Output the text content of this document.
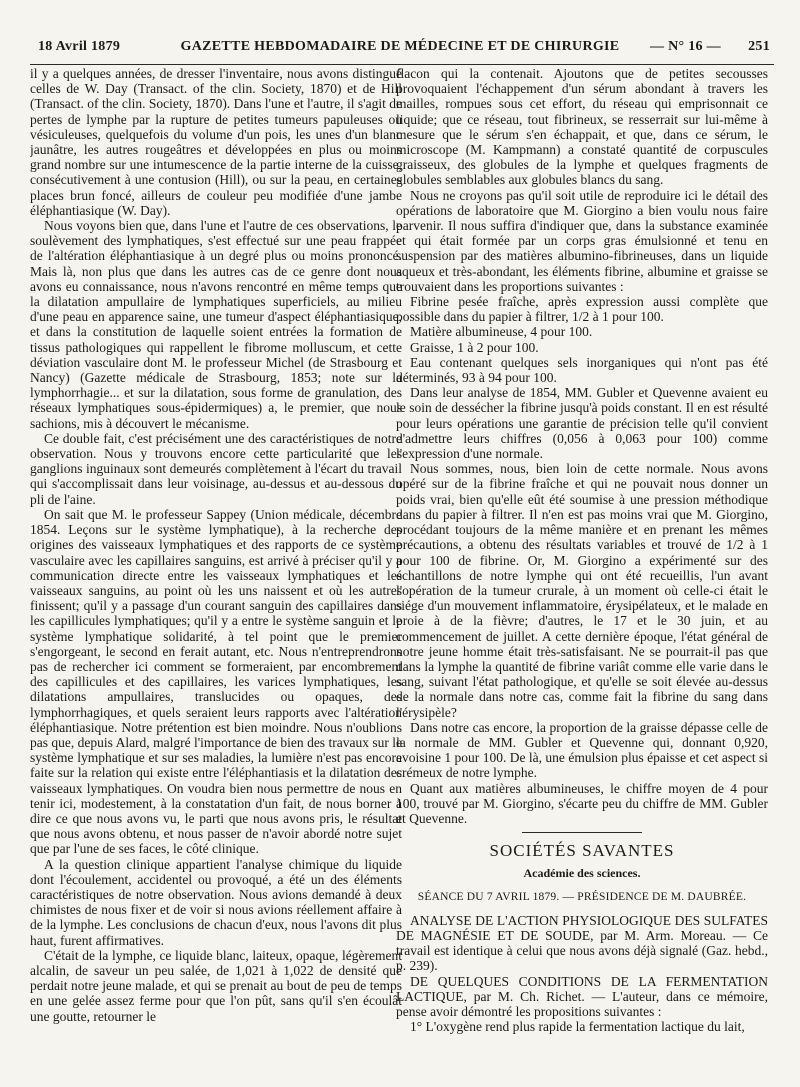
18 Avril 1879	GAZETTE HEBDOMADAIRE DE MÉDECINE ET DE CHIRURGIE	— N° 16 — 251

il y a quelques années, de dresser l'inventaire, nous avons distingué celles de W. Day (Transact. of the clin. Society, 1870) et de Hill (Transact. of the clin. Society, 1870). Dans l'une et l'autre, il s'agit de pertes de lymphe par la rupture de petites tumeurs papuleuses ou vésiculeuses, quelquefois du volume d'un pois, les unes d'un blanc jaunâtre, les autres rougeâtres et développées en plus ou moins grand nombre sur une intumescence de la partie interne de la cuisse, consécutivement à une contusion (Hill), ou sur la peau, en certaines places brun foncé, ailleurs de couleur peu modifiée d'une jambe éléphantiasique (W. Day).

Nous voyons bien que, dans l'une et l'autre de ces observations, le soulèvement des lymphatiques, s'est effectué sur une peau frappée de l'altération éléphantiasique à un degré plus ou moins prononcé. Mais là, non plus que dans les autres cas de ce genre dont nous avons eu connaissance, nous n'avons rencontré en même temps que la dilatation ampullaire de lymphatiques superficiels, au milieu d'une peau en apparence saine, une tumeur d'aspect éléphantiasique, et dans la constitution de laquelle soient entrées la formation de tissus pathologiques qui rappellent le fibrome molluscum, et cette déviation vasculaire dont M. le professeur Michel (de Strasbourg et Nancy) (Gazette médicale de Strasbourg, 1853; note sur la lymphorrhagie... et sur la dilatation, sous forme de granulation, des réseaux lymphatiques sous-épidermiques) a, le premier, que nous sachions, mis à découvert le mécanisme.

Ce double fait, c'est précisément une des caractéristiques de notre observation. Nous y trouvons encore cette particularité que les ganglions inguinaux sont demeurés complètement à l'écart du travail qui s'accomplissait dans leur voisinage, au-dessus et au-dessous du pli de l'aine.

On sait que M. le professeur Sappey (Union médicale, décembre 1854. Leçons sur le système lymphatique), à la recherche des origines des vaisseaux lymphatiques et des rapports de ce système vasculaire avec les capillaires sanguins, est arrivé à préciser qu'il y a communication directe entre les vaisseaux lymphatiques et les vaisseaux sanguins, au point où les uns naissent et où les autres finissent; qu'il y a passage d'un courant sanguin des capillaires dans les capillicules lymphatiques; qu'il y a entre le système sanguin et le système lymphatique solidarité, à tel point que le premier s'engorgeant, le second en ferait autant, etc. Nous n'entreprendrons pas de rechercher ici comment se formeraient, par encombrement des capillicules et des capillaires, les varices lymphatiques, les dilatations ampullaires, translucides ou opaques, des lymphorrhagiques, et quels seraient leurs rapports avec l'altération éléphantiasique. Notre prétention est bien moindre. Nous n'oublions pas que, depuis Alard, malgré l'importance de bien des travaux sur le système lymphatique et sur ses maladies, la lumière n'est pas encore faite sur la relation qui existe entre l'éléphantiasis et la dilatation des vaisseaux lymphatiques. On voudra bien nous permettre de nous en tenir ici, modestement, à la constatation d'un fait, de nous borner à dire ce que nous avons vu, le parti que nous avons pris, le résultat que nous avons obtenu, et nous passer de n'avoir abordé notre sujet que par l'une de ses faces, le côté clinique.

A la question clinique appartient l'analyse chimique du liquide dont l'écoulement, accidentel ou provoqué, a été un des éléments caractéristiques de notre observation. Nous avions demandé à deux chimistes de nous fixer et de voir si nous avions réellement affaire à de la lymphe. Les conclusions de chacun d'eux, nous l'avons dit plus haut, furent affirmatives.

C'était de la lymphe, ce liquide blanc, laiteux, opaque, légèrement alcalin, de saveur un peu salée, de 1,021 à 1,022 de densité que perdait notre jeune malade, et qui se prenait au bout de peu de temps en une gelée assez ferme pour que l'on pût, sans qu'il s'en écoulât une goutte, retourner le

flacon qui la contenait. Ajoutons que de petites secousses provoquaient l'échappement d'un sérum abondant à travers les mailles, rompues sous cet effort, du réseau qui emprisonnait ce liquide; que ce réseau, tout fibrineux, se resserrait sur lui-même à mesure que le sérum s'en échappait, et que, dans ce sérum, le microscope (M. Kampmann) a constaté quantité de corpuscules graisseux, des globules de la lymphe et quelques fragments de globules semblables aux globules blancs du sang.

Nous ne croyons pas qu'il soit utile de reproduire ici le détail des opérations de laboratoire que M. Giorgino a bien voulu nous faire parvenir. Il nous suffira d'indiquer que, dans la substance examinée et qui était formée par un corps gras émulsionné et tenu en suspension par des matières albumino-fibrineuses, dans un liquide aqueux et très-abondant, les éléments fibrine, albumine et graisse se trouvaient dans les proportions suivantes :

Fibrine pesée fraîche, après expression aussi complète que possible dans du papier à filtrer, 1/2 à 1 pour 100.

Matière albumineuse, 4 pour 100.

Graisse, 1 à 2 pour 100.

Eau contenant quelques sels inorganiques qui n'ont pas été déterminés, 93 à 94 pour 100.

Dans leur analyse de 1854, MM. Gubler et Quevenne avaient eu le soin de dessécher la fibrine jusqu'à poids constant. Il en est résulté pour leurs opérations une garantie de précision telle qu'il convient d'admettre leurs chiffres (0,056 à 0,063 pour 100) comme l'expression d'une normale.

Nous sommes, nous, bien loin de cette normale. Nous avons opéré sur de la fibrine fraîche et qui ne pouvait nous donner un poids vrai, bien qu'elle eût été soumise à une pression méthodique dans du papier à filtrer. Il n'en est pas moins vrai que M. Giorgino, procédant toujours de la même manière et en prenant les mêmes précautions, a obtenu des résultats variables et trouvé de 1/2 à 1 pour 100 de fibrine. Or, M. Giorgino a expérimenté sur des échantillons de notre lymphe qui ont été recueillis, l'un avant l'opération de la tumeur crurale, à un moment où celle-ci était le siége d'un mouvement inflammatoire, érysipélateux, et le malade en proie à de la fièvre; d'autres, le 17 et le 30 juin, et au commencement de juillet. A cette dernière époque, l'état général de notre jeune homme était très-satisfaisant. Ne se pourrait-il pas que dans la lymphe la quantité de fibrine variât comme elle varie dans le sang, suivant l'état pathologique, et qu'elle se soit élevée au-dessus de la normale dans notre cas, comme fait la fibrine du sang dans l'érysipèle?

Dans notre cas encore, la proportion de la graisse dépasse celle de la normale de MM. Gubler et Quevenne qui, donnant 0,920, avoisine 1 pour 100. De là, une émulsion plus épaisse et cet aspect si crémeux de notre lymphe.

Quant aux matières albumineuses, le chiffre moyen de 4 pour 100, trouvé par M. Giorgino, s'écarte peu du chiffre de MM. Gubler et Quevenne.

SOCIÉTÉS SAVANTES
Académie des sciences.
SÉANCE DU 7 AVRIL 1879. — PRÉSIDENCE DE M. DAUBRÉE.

ANALYSE DE L'ACTION PHYSIOLOGIQUE DES SULFATES DE MAGNÉSIE ET DE SOUDE, par M. Arm. Moreau. — Ce travail est identique à celui que nous avons déjà signalé (Gaz. hebd., p. 239).

DE QUELQUES CONDITIONS DE LA FERMENTATION LACTIQUE, par M. Ch. Richet. — L'auteur, dans ce mémoire, pense avoir démontré les propositions suivantes :

1° L'oxygène rend plus rapide la fermentation lactique du lait,
